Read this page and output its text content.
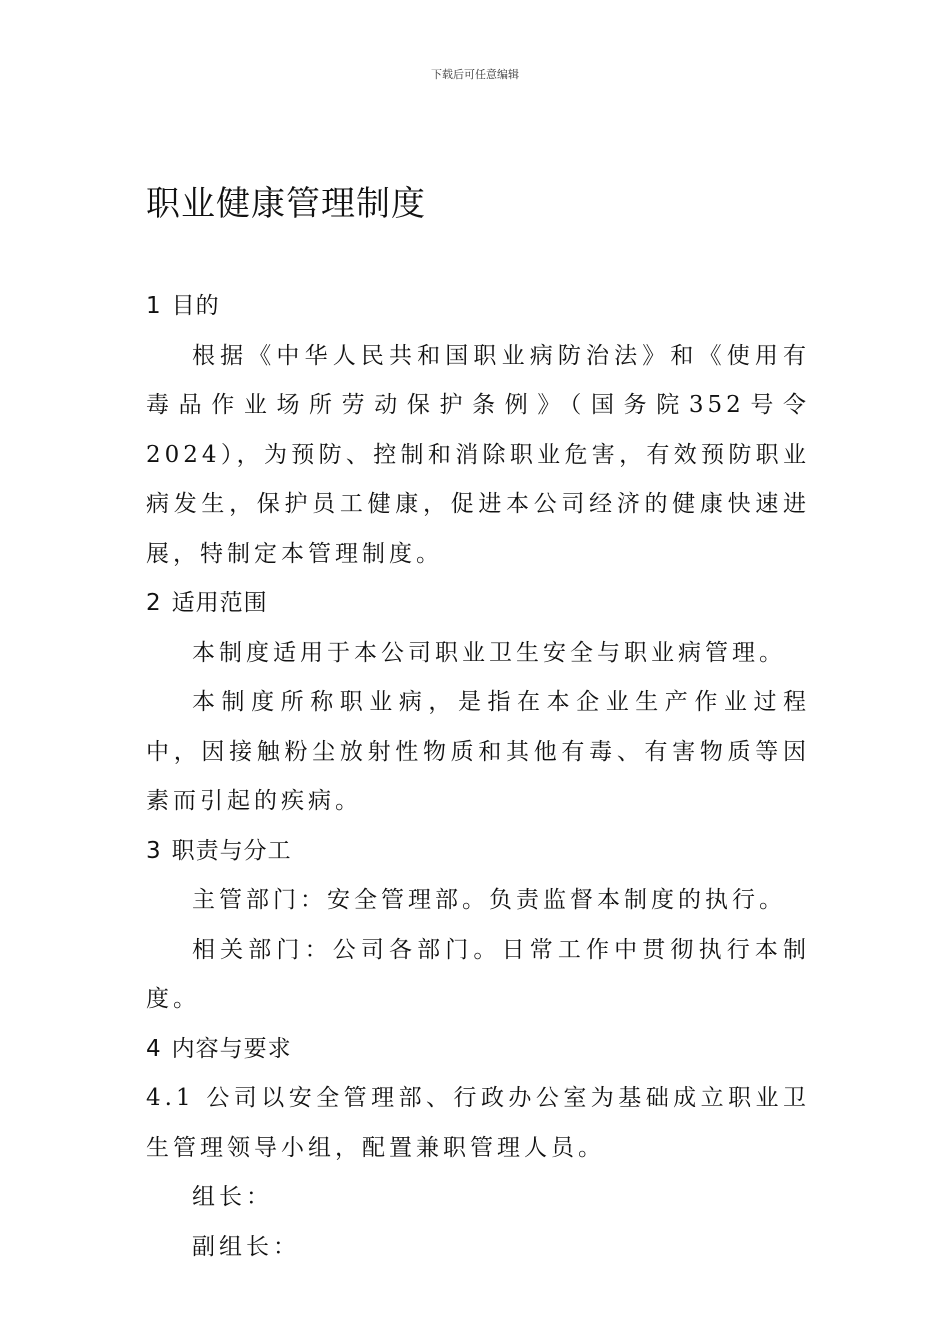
下载后可任意编辑
职业健康管理制度
1 目的

根据《中华人民共和国职业病防治法》和《使用有毒品作业场所劳动保护条例》（国务院352号令2024），为预防、控制和消除职业危害，有效预防职业病发生，保护员工健康，促进本公司经济的健康快速进展，特制定本管理制度。

2 适用范围

本制度适用于本公司职业卫生安全与职业病管理。

本制度所称职业病，是指在本企业生产作业过程中，因接触粉尘放射性物质和其他有毒、有害物质等因素而引起的疾病。

3 职责与分工

主管部门：安全管理部。负责监督本制度的执行。

相关部门：公司各部门。日常工作中贯彻执行本制度。

4 内容与要求

4.1 公司以安全管理部、行政办公室为基础成立职业卫生管理领导小组，配置兼职管理人员。

组长：

副组长：
